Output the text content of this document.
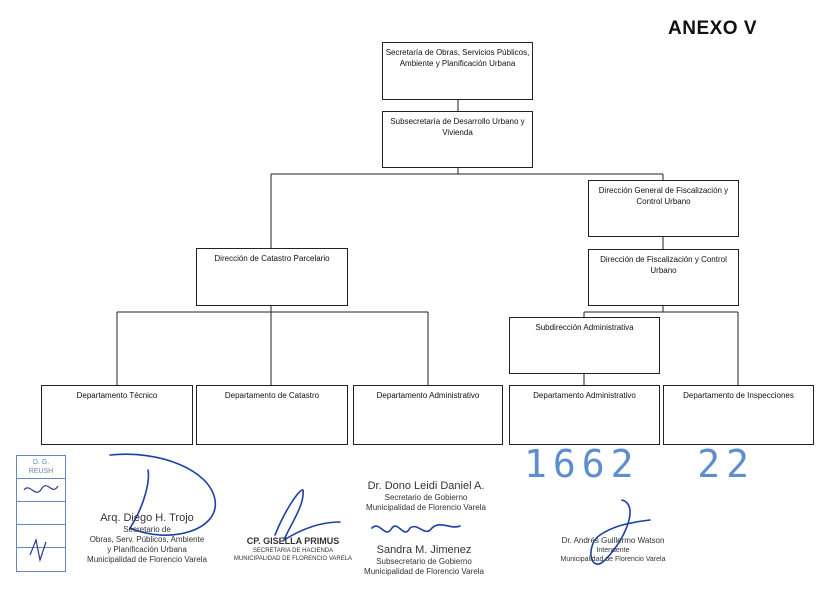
ANEXO V
Secretaría de Obras, Servicios Públicos, Ambiente y Planificación Urbana
Subsecretaría de Desarrollo Urbano y Vivienda
Dirección General de Fiscalización y Control Urbano
Dirección de Fiscalización y Control Urbano
Dirección de Catastro Parcelario
Subdirección Administrativa
Departamento Técnico	Departamento de Catastro	Departamento Administrativo	Departamento Administrativo	Departamento de Inspecciones
D. G.
REUSH	1662  22
Arq. Diego H. Trojo
Secretario de
Obras, Serv. Públicos, Ambiente
y Planificación Urbana
Municipalidad de Florencio Varela
CP. GISELLA PRIMUS
SECRETARIA DE HACIENDA
MUNICIPALIDAD DE FLORENCIO VARELA
Dr. Dono Leidi Daniel A.
Secretario de Gobierno
Municipalidad de Florencio Varela
Sandra M. Jimenez
Subsecretario de Gobierno
Municipalidad de Florencio Varela
Dr. Andrés Guillermo Watson
Intendente
Municipalidad de Florencio Varela
